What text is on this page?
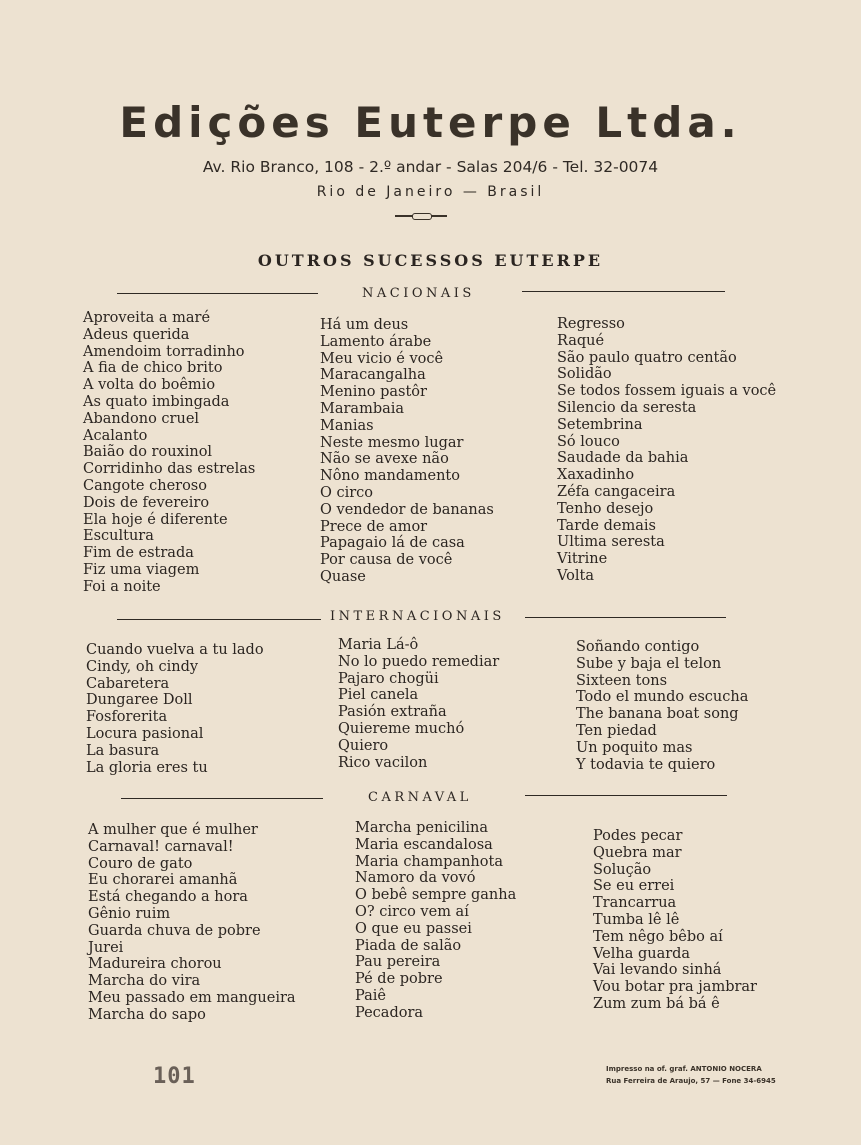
Edições Euterpe Ltda.
Av. Rio Branco, 108 - 2.º andar - Salas 204/6 - Tel. 32-0074
Rio de Janeiro — Brasil
OUTROS SUCESSOS EUTERPE
NACIONAIS
Aproveita a maré
Adeus querida
Amendoim torradinho
A fia de chico brito
A volta do boêmio
As quato imbingada
Abandono cruel
Acalanto
Baião do rouxinol
Corridinho das estrelas
Cangote cheroso
Dois de fevereiro
Ela hoje é diferente
Escultura
Fim de estrada
Fiz uma viagem
Foi a noite
Há um deus
Lamento árabe
Meu vicio é você
Maracangalha
Menino pastôr
Marambaia
Manias
Neste mesmo lugar
Não se avexe não
Nôno mandamento
O circo
O vendedor de bananas
Prece de amor
Papagaio lá de casa
Por causa de você
Quase
Regresso
Raqué
São paulo quatro centão
Solidão
Se todos fossem iguais a você
Silencio da seresta
Setembrina
Só louco
Saudade da bahia
Xaxadinho
Zéfa cangaceira
Tenho desejo
Tarde demais
Ultima seresta
Vitrine
Volta
INTERNACIONAIS
Cuando vuelva a tu lado
Cindy, oh cindy
Cabaretera
Dungaree Doll
Fosforerita
Locura pasional
La basura
La gloria eres tu
Maria Lá-ô
No lo puedo remediar
Pajaro chogüi
Piel canela
Pasión extraña
Quiereme muchó
Quiero
Rico vacilon
Soñando contigo
Sube y baja el telon
Sixteen tons
Todo el mundo escucha
The banana boat song
Ten piedad
Un poquito mas
Y todavia te quiero
CARNAVAL
A mulher que é mulher
Carnaval! carnaval!
Couro de gato
Eu chorarei amanhã
Está chegando a hora
Gênio ruim
Guarda chuva de pobre
Jurei
Madureira chorou
Marcha do vira
Meu passado em mangueira
Marcha do sapo
Marcha penicilina
Maria escandalosa
Maria champanhota
Namoro da vovó
O bebê sempre ganha
O? circo vem aí
O que eu passei
Piada de salão
Pau pereira
Pé de pobre
Paiê
Pecadora
Podes pecar
Quebra mar
Solução
Se eu errei
Trancarrua
Tumba lê lê
Tem nêgo bêbo aí
Velha guarda
Vai levando sinhá
Vou botar pra jambrar
Zum zum bá bá ê
101	Impresso na of. graf. ANTONIO NOCERA
Rua Ferreira de Araujo, 57 — Fone 34-6945
